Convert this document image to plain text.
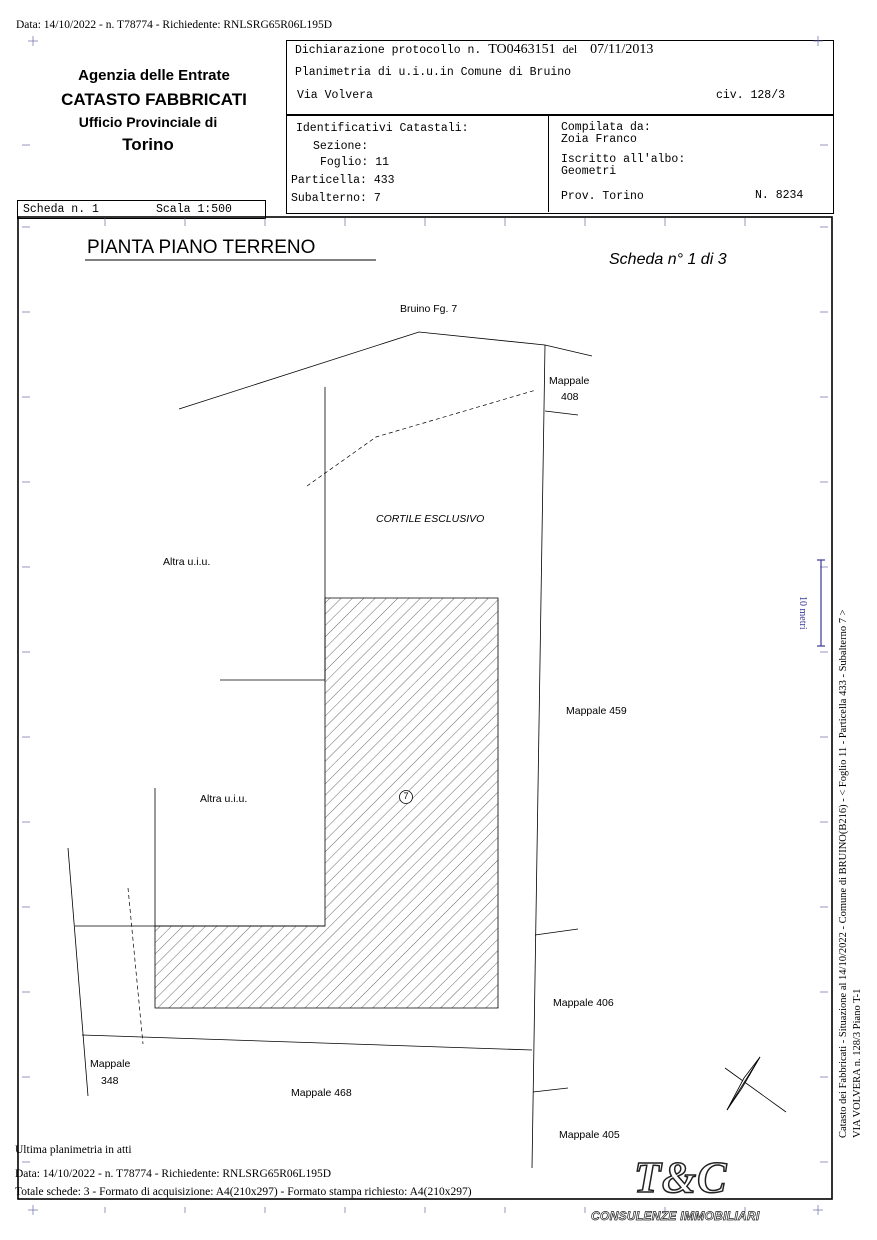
Data: 14/10/2022 - n. T78774 - Richiedente: RNLSRG65R06L195D
Agenzia delle Entrate
CATASTO FABBRICATI
Ufficio Provinciale di
Torino
Dichiarazione protocollo n. TO0463151 del 07/11/2013
Planimetria di u.i.u.in Comune di Bruino
Via Volvera	civ. 128/3
Identificativi Catastali:
Sezione:
Foglio: 11
Particella: 433
Subalterno: 7
Compilata da:
Zoia Franco
Iscritto all'albo:
Geometri
Prov. Torino	N. 8234
Scheda n. 1	Scala 1:500
PIANTA PIANO TERRENO
Scheda n° 1 di 3
Bruino Fg. 7
Mappale
408
CORTILE ESCLUSIVO
Altra u.i.u.
Mappale 459
Altra u.i.u.	7
Mappale 406
Mappale
348
Mappale 468
Mappale 405
10 metri	Catasto dei Fabbricati - Situazione al 14/10/2022 - Comune di BRUINO(B216) - < Foglio 11 - Particella 433 - Subalterno 7 > VIA VOLVERA n. 128/3 Piano T-1
Ultima planimetria in atti
Data: 14/10/2022 - n. T78774 - Richiedente: RNLSRG65R06L195D
Totale schede: 3 - Formato di acquisizione: A4(210x297) - Formato stampa richiesto: A4(210x297)	T&C
CONSULENZE IMMOBILIARI
